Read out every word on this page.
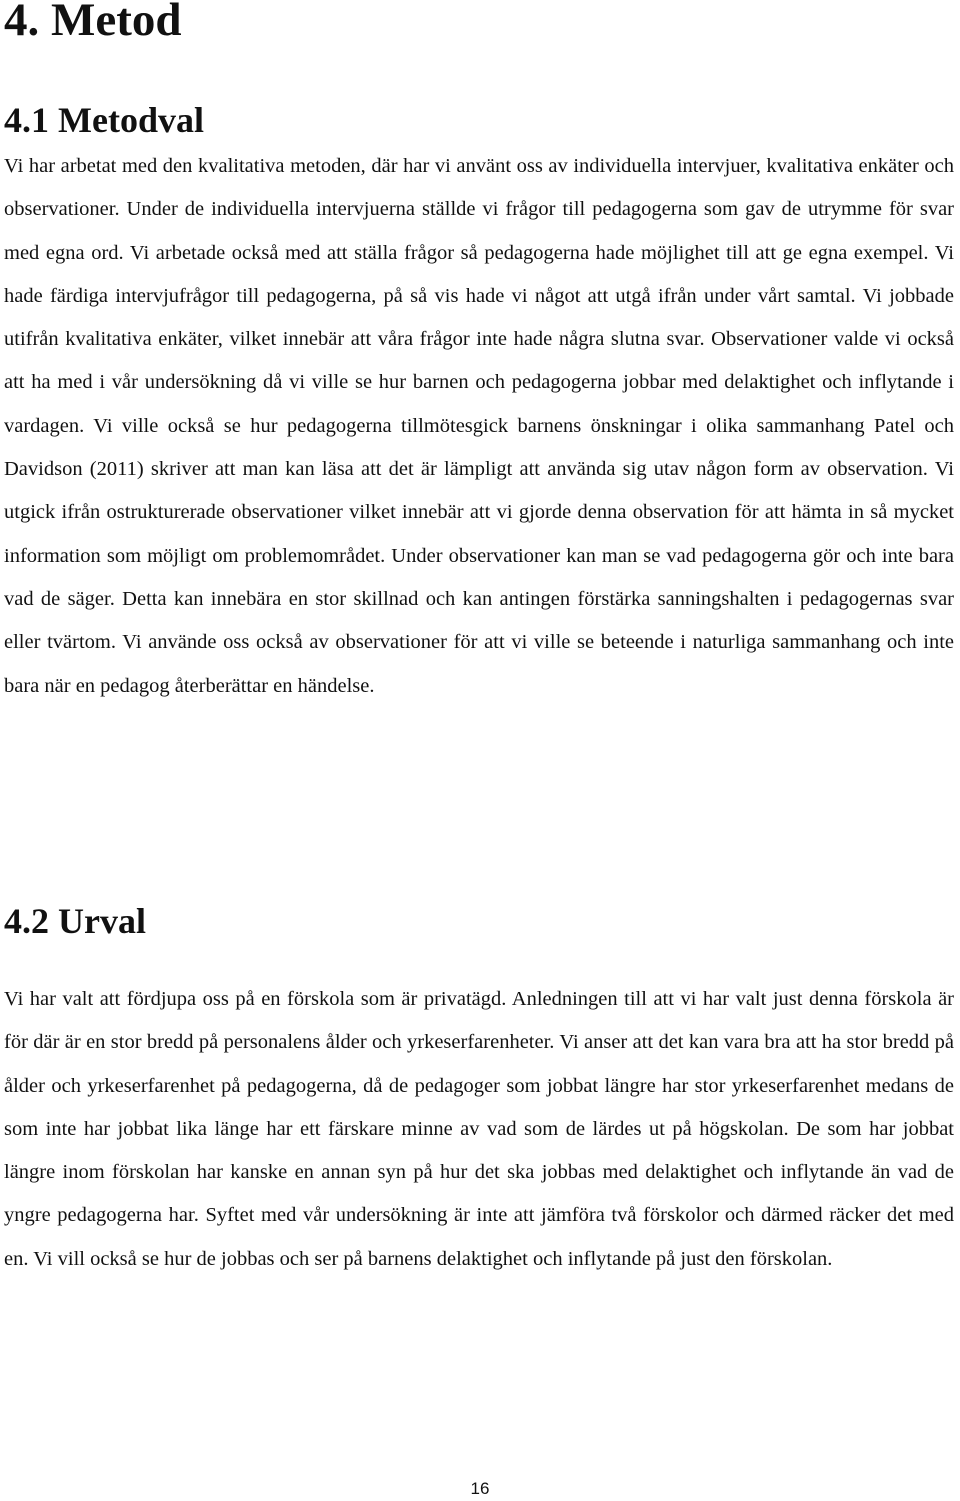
4. Metod
4.1 Metodval

Vi har arbetat med den kvalitativa metoden, där har vi använt oss av individuella intervjuer, kvalitativa enkäter och observationer. Under de individuella intervjuerna ställde vi frågor till pedagogerna som gav de utrymme för svar med egna ord. Vi arbetade också med att ställa frågor så pedagogerna hade möjlighet till att ge egna exempel. Vi hade färdiga intervjufrågor till pedagogerna, på så vis hade vi något att utgå ifrån under vårt samtal. Vi jobbade utifrån kvalitativa enkäter, vilket innebär att våra frågor inte hade några slutna svar. Observationer valde vi också att ha med i vår undersökning då vi ville se hur barnen och pedagogerna jobbar med delaktighet och inflytande i vardagen. Vi ville också se hur pedagogerna tillmötesgick barnens önskningar i olika sammanhang Patel och Davidson (2011) skriver att man kan läsa att det är lämpligt att använda sig utav någon form av observation. Vi utgick ifrån ostrukturerade observationer vilket innebär att vi gjorde denna observation för att hämta in så mycket information som möjligt om problemområdet. Under observationer kan man se vad pedagogerna gör och inte bara vad de säger. Detta kan innebära en stor skillnad och kan antingen förstärka sanningshalten i pedagogernas svar eller tvärtom. Vi använde oss också av observationer för att vi ville se beteende i naturliga sammanhang och inte bara när en pedagog återberättar en händelse.

4.2 Urval

Vi har valt att fördjupa oss på en förskola som är privatägd. Anledningen till att vi har valt just denna förskola är för där är en stor bredd på personalens ålder och yrkeserfarenheter. Vi anser att det kan vara bra att ha stor bredd på ålder och yrkeserfarenhet på pedagogerna, då de pedagoger som jobbat längre har stor yrkeserfarenhet medans de som inte har jobbat lika länge har ett färskare minne av vad som de lärdes ut på högskolan. De som har jobbat längre inom förskolan har kanske en annan syn på hur det ska jobbas med delaktighet och inflytande än vad de yngre pedagogerna har. Syftet med vår undersökning är inte att jämföra två förskolor och därmed räcker det med en. Vi vill också se hur de jobbas och ser på barnens delaktighet och inflytande på just den förskolan.

16
